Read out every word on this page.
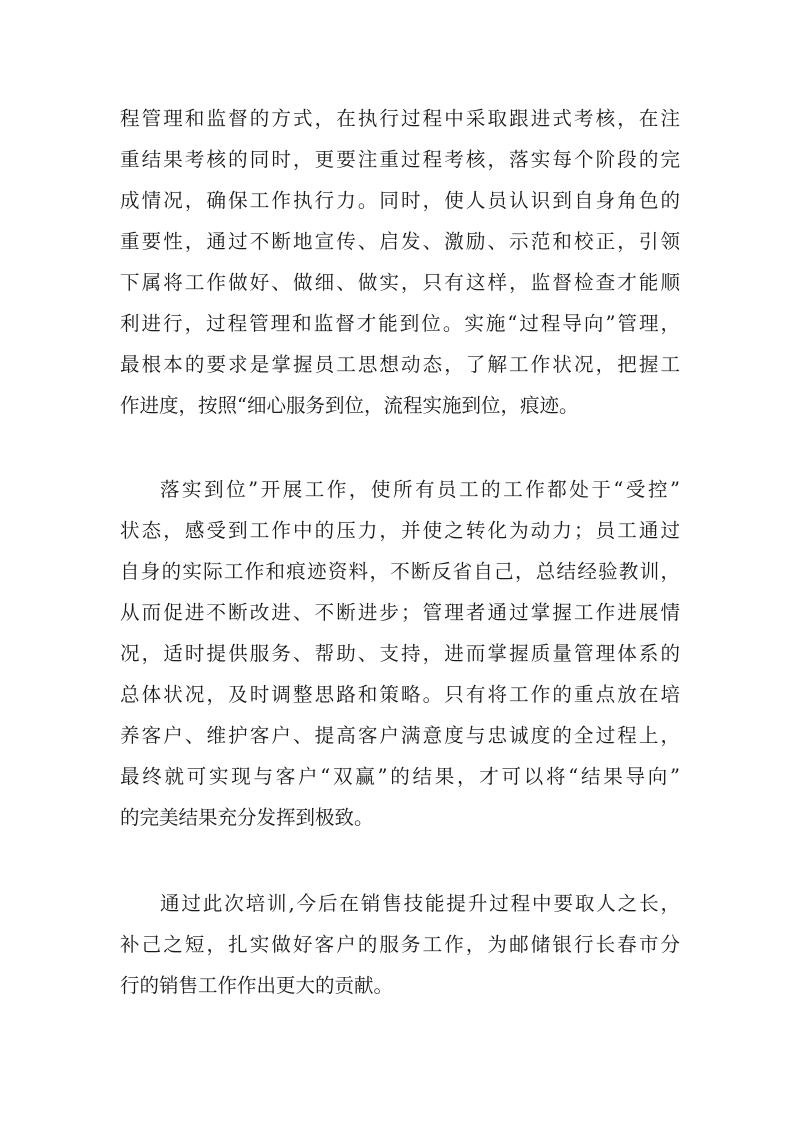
程管理和监督的方式，在执行过程中采取跟进式考核，在注
重结果考核的同时，更要注重过程考核，落实每个阶段的完
成情况，确保工作执行力。同时，使人员认识到自身角色的
重要性，通过不断地宣传、启发、激励、示范和校正，引领
下属将工作做好、做细、做实，只有这样，监督检查才能顺
利进行，过程管理和监督才能到位。实施“过程导向”管理，
最根本的要求是掌握员工思想动态，了解工作状况，把握工
作进度，按照“细心服务到位，流程实施到位，痕迹。
落实到位”开展工作，使所有员工的工作都处于“受控”
状态，感受到工作中的压力，并使之转化为动力；员工通过
自身的实际工作和痕迹资料，不断反省自己，总结经验教训，
从而促进不断改进、不断进步；管理者通过掌握工作进展情
况，适时提供服务、帮助、支持，进而掌握质量管理体系的
总体状况，及时调整思路和策略。只有将工作的重点放在培
养客户、维护客户、提高客户满意度与忠诚度的全过程上，
最终就可实现与客户“双赢”的结果，才可以将“结果导向”
的完美结果充分发挥到极致。
通过此次培训,今后在销售技能提升过程中要取人之长，
补己之短，扎实做好客户的服务工作，为邮储银行长春市分
行的销售工作作出更大的贡献。
